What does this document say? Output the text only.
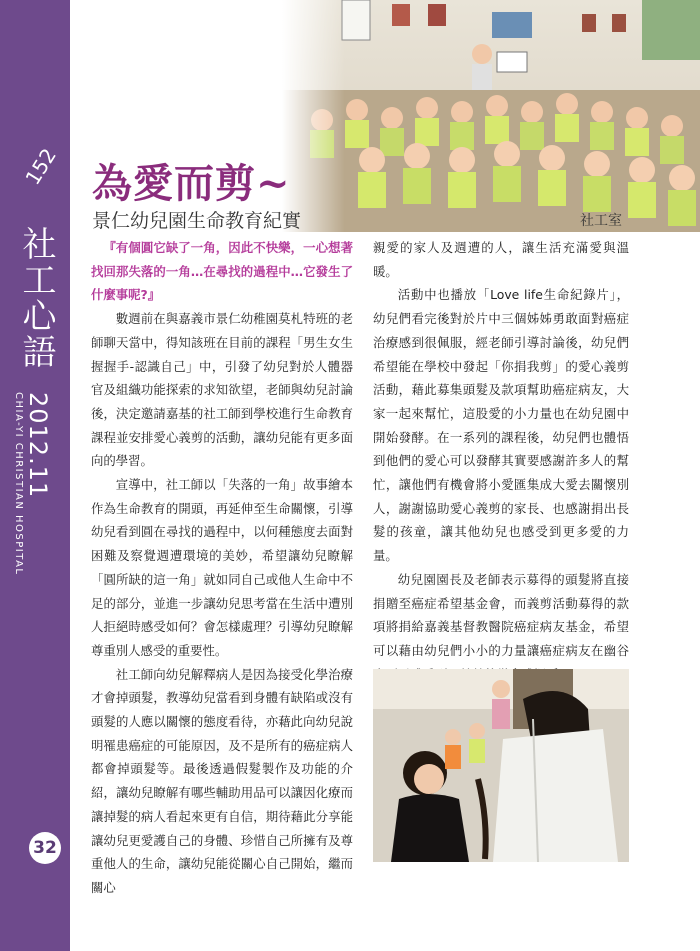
152
社工心語
2012.11
CHIA-YI CHRISTIAN HOSPITAL
32
為愛而剪~
景仁幼兒園生命教育紀實	社工室

『有個圓它缺了一角，因此不快樂，一心想著找回那失落的一角…在尋找的過程中…它發生了什麼事呢?』

數週前在與嘉義市景仁幼稚園莫札特班的老師聊天當中，得知該班在目前的課程「男生女生握握手-認識自己」中，引發了幼兒對於人體器官及組織功能探索的求知欲望，老師與幼兒討論後，決定邀請嘉基的社工師到學校進行生命教育課程並安排愛心義剪的活動，讓幼兒能有更多面向的學習。

宣導中，社工師以「失落的一角」故事繪本作為生命教育的開頭，再延伸至生命關懷，引導幼兒看到圓在尋找的過程中，以何種態度去面對困難及察覺週遭環境的美妙，希望讓幼兒瞭解「圓所缺的這一角」就如同自己或他人生命中不足的部分，並進一步讓幼兒思考當在生活中遭別人拒絕時感受如何？會怎樣處理？引導幼兒瞭解尊重別人感受的重要性。

社工師向幼兒解釋病人是因為接受化學治療才會掉頭髮，教導幼兒當看到身體有缺陷或沒有頭髮的人應以關懷的態度看待，亦藉此向幼兒說明罹患癌症的可能原因，及不是所有的癌症病人都會掉頭髮等。最後透過假髮製作及功能的介紹，讓幼兒瞭解有哪些輔助用品可以讓因化療而讓掉髮的病人看起來更有自信，期待藉此分享能讓幼兒更愛護自己的身體、珍惜自己所擁有及尊重他人的生命，讓幼兒能從關心自己開始，繼而關心

親愛的家人及週遭的人，讓生活充滿愛與溫暖。

活動中也播放「Love life生命紀錄片」，幼兒們看完後對於片中三個姊姊勇敢面對癌症治療感到很佩服，經老師引導討論後，幼兒們希望能在學校中發起「你捐我剪」的愛心義剪活動，藉此募集頭髮及款項幫助癌症病友，大家一起來幫忙，這股愛的小力量也在幼兒園中開始發酵。在一系列的課程後，幼兒們也體悟到他們的愛心可以發酵其實要感謝許多人的幫忙，讓他們有機會將小愛匯集成大愛去關懷別人，謝謝協助愛心義剪的家長、也感謝捐出長髮的孩童，讓其他幼兒也感受到更多愛的力量。

幼兒園園長及老師表示募得的頭髮將直接捐贈至癌症希望基金會，而義剪活動募得的款項將捐給嘉義基督教醫院癌症病友基金，希望可以藉由幼兒們小小的力量讓癌症病友在幽谷
